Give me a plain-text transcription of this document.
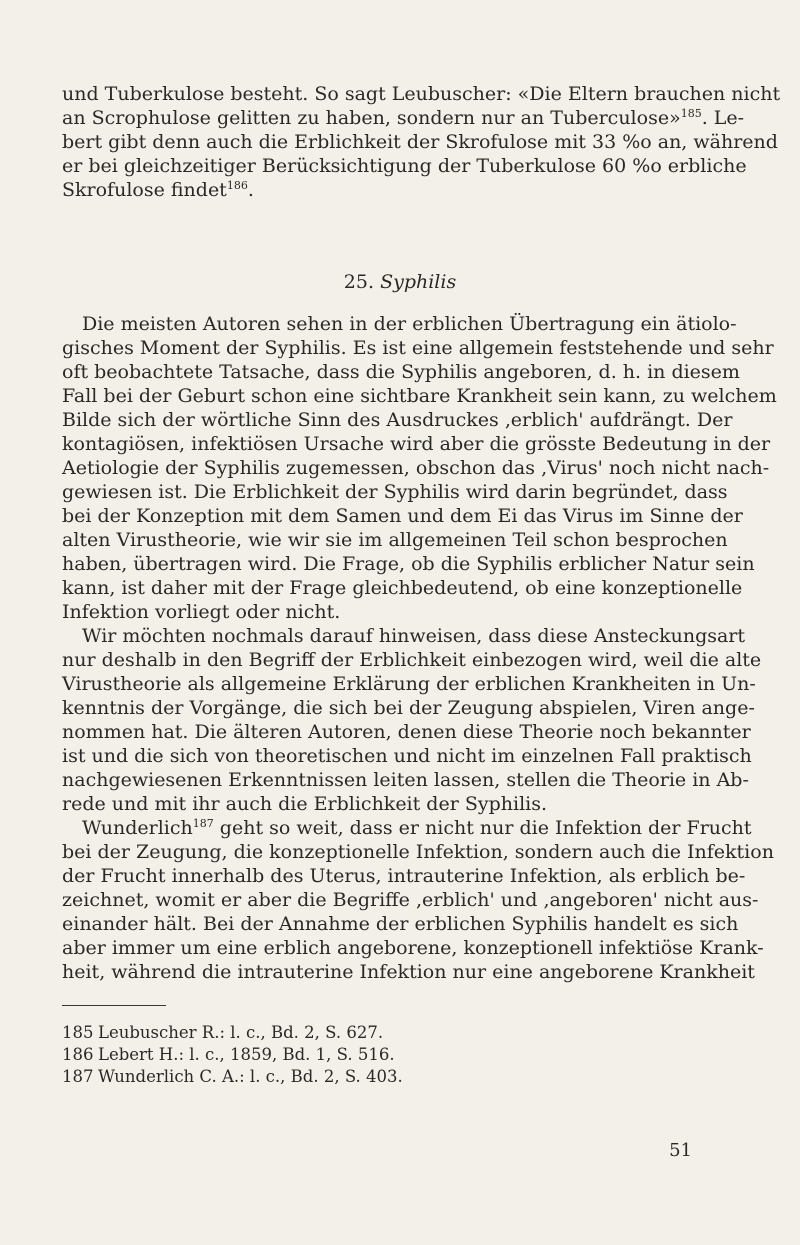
und Tuberkulose besteht. So sagt Leubuscher: «Die Eltern brauchen nicht
an Scrophulose gelitten zu haben, sondern nur an Tuberculose»$^{185}$. Le-
bert gibt denn auch die Erblichkeit der Skrofulose mit 33 %o an, während
er bei gleichzeitiger Berücksichtigung der Tuberkulose 60 %o erbliche
Skrofulose findet$^{186}$.
25. Syphilis
Die meisten Autoren sehen in der erblichen Übertragung ein ätiolo-
gisches Moment der Syphilis. Es ist eine allgemein feststehende und sehr
oft beobachtete Tatsache, dass die Syphilis angeboren, d. h. in diesem
Fall bei der Geburt schon eine sichtbare Krankheit sein kann, zu welchem
Bilde sich der wörtliche Sinn des Ausdruckes ‚erblich' aufdrängt. Der
kontagiösen, infektiösen Ursache wird aber die grösste Bedeutung in der
Aetiologie der Syphilis zugemessen, obschon das ‚Virus' noch nicht nach-
gewiesen ist. Die Erblichkeit der Syphilis wird darin begründet, dass
bei der Konzeption mit dem Samen und dem Ei das Virus im Sinne der
alten Virustheorie, wie wir sie im allgemeinen Teil schon besprochen
haben, übertragen wird. Die Frage, ob die Syphilis erblicher Natur sein
kann, ist daher mit der Frage gleichbedeutend, ob eine konzeptionelle
Infektion vorliegt oder nicht.
Wir möchten nochmals darauf hinweisen, dass diese Ansteckungsart
nur deshalb in den Begriff der Erblichkeit einbezogen wird, weil die alte
Virustheorie als allgemeine Erklärung der erblichen Krankheiten in Un-
kenntnis der Vorgänge, die sich bei der Zeugung abspielen, Viren ange-
nommen hat. Die älteren Autoren, denen diese Theorie noch bekannter
ist und die sich von theoretischen und nicht im einzelnen Fall praktisch
nachgewiesenen Erkenntnissen leiten lassen, stellen die Theorie in Ab-
rede und mit ihr auch die Erblichkeit der Syphilis.
Wunderlich$^{187}$ geht so weit, dass er nicht nur die Infektion der Frucht
bei der Zeugung, die konzeptionelle Infektion, sondern auch die Infektion
der Frucht innerhalb des Uterus, intrauterine Infektion, als erblich be-
zeichnet, womit er aber die Begriffe ‚erblich' und ‚angeboren' nicht aus-
einander hält. Bei der Annahme der erblichen Syphilis handelt es sich
aber immer um eine erblich angeborene, konzeptionell infektiöse Krank-
heit, während die intrauterine Infektion nur eine angeborene Krankheit
185 Leubuscher R.: l. c., Bd. 2, S. 627.
186 Lebert H.: l. c., 1859, Bd. 1, S. 516.
187 Wunderlich C. A.: l. c., Bd. 2, S. 403.
51
